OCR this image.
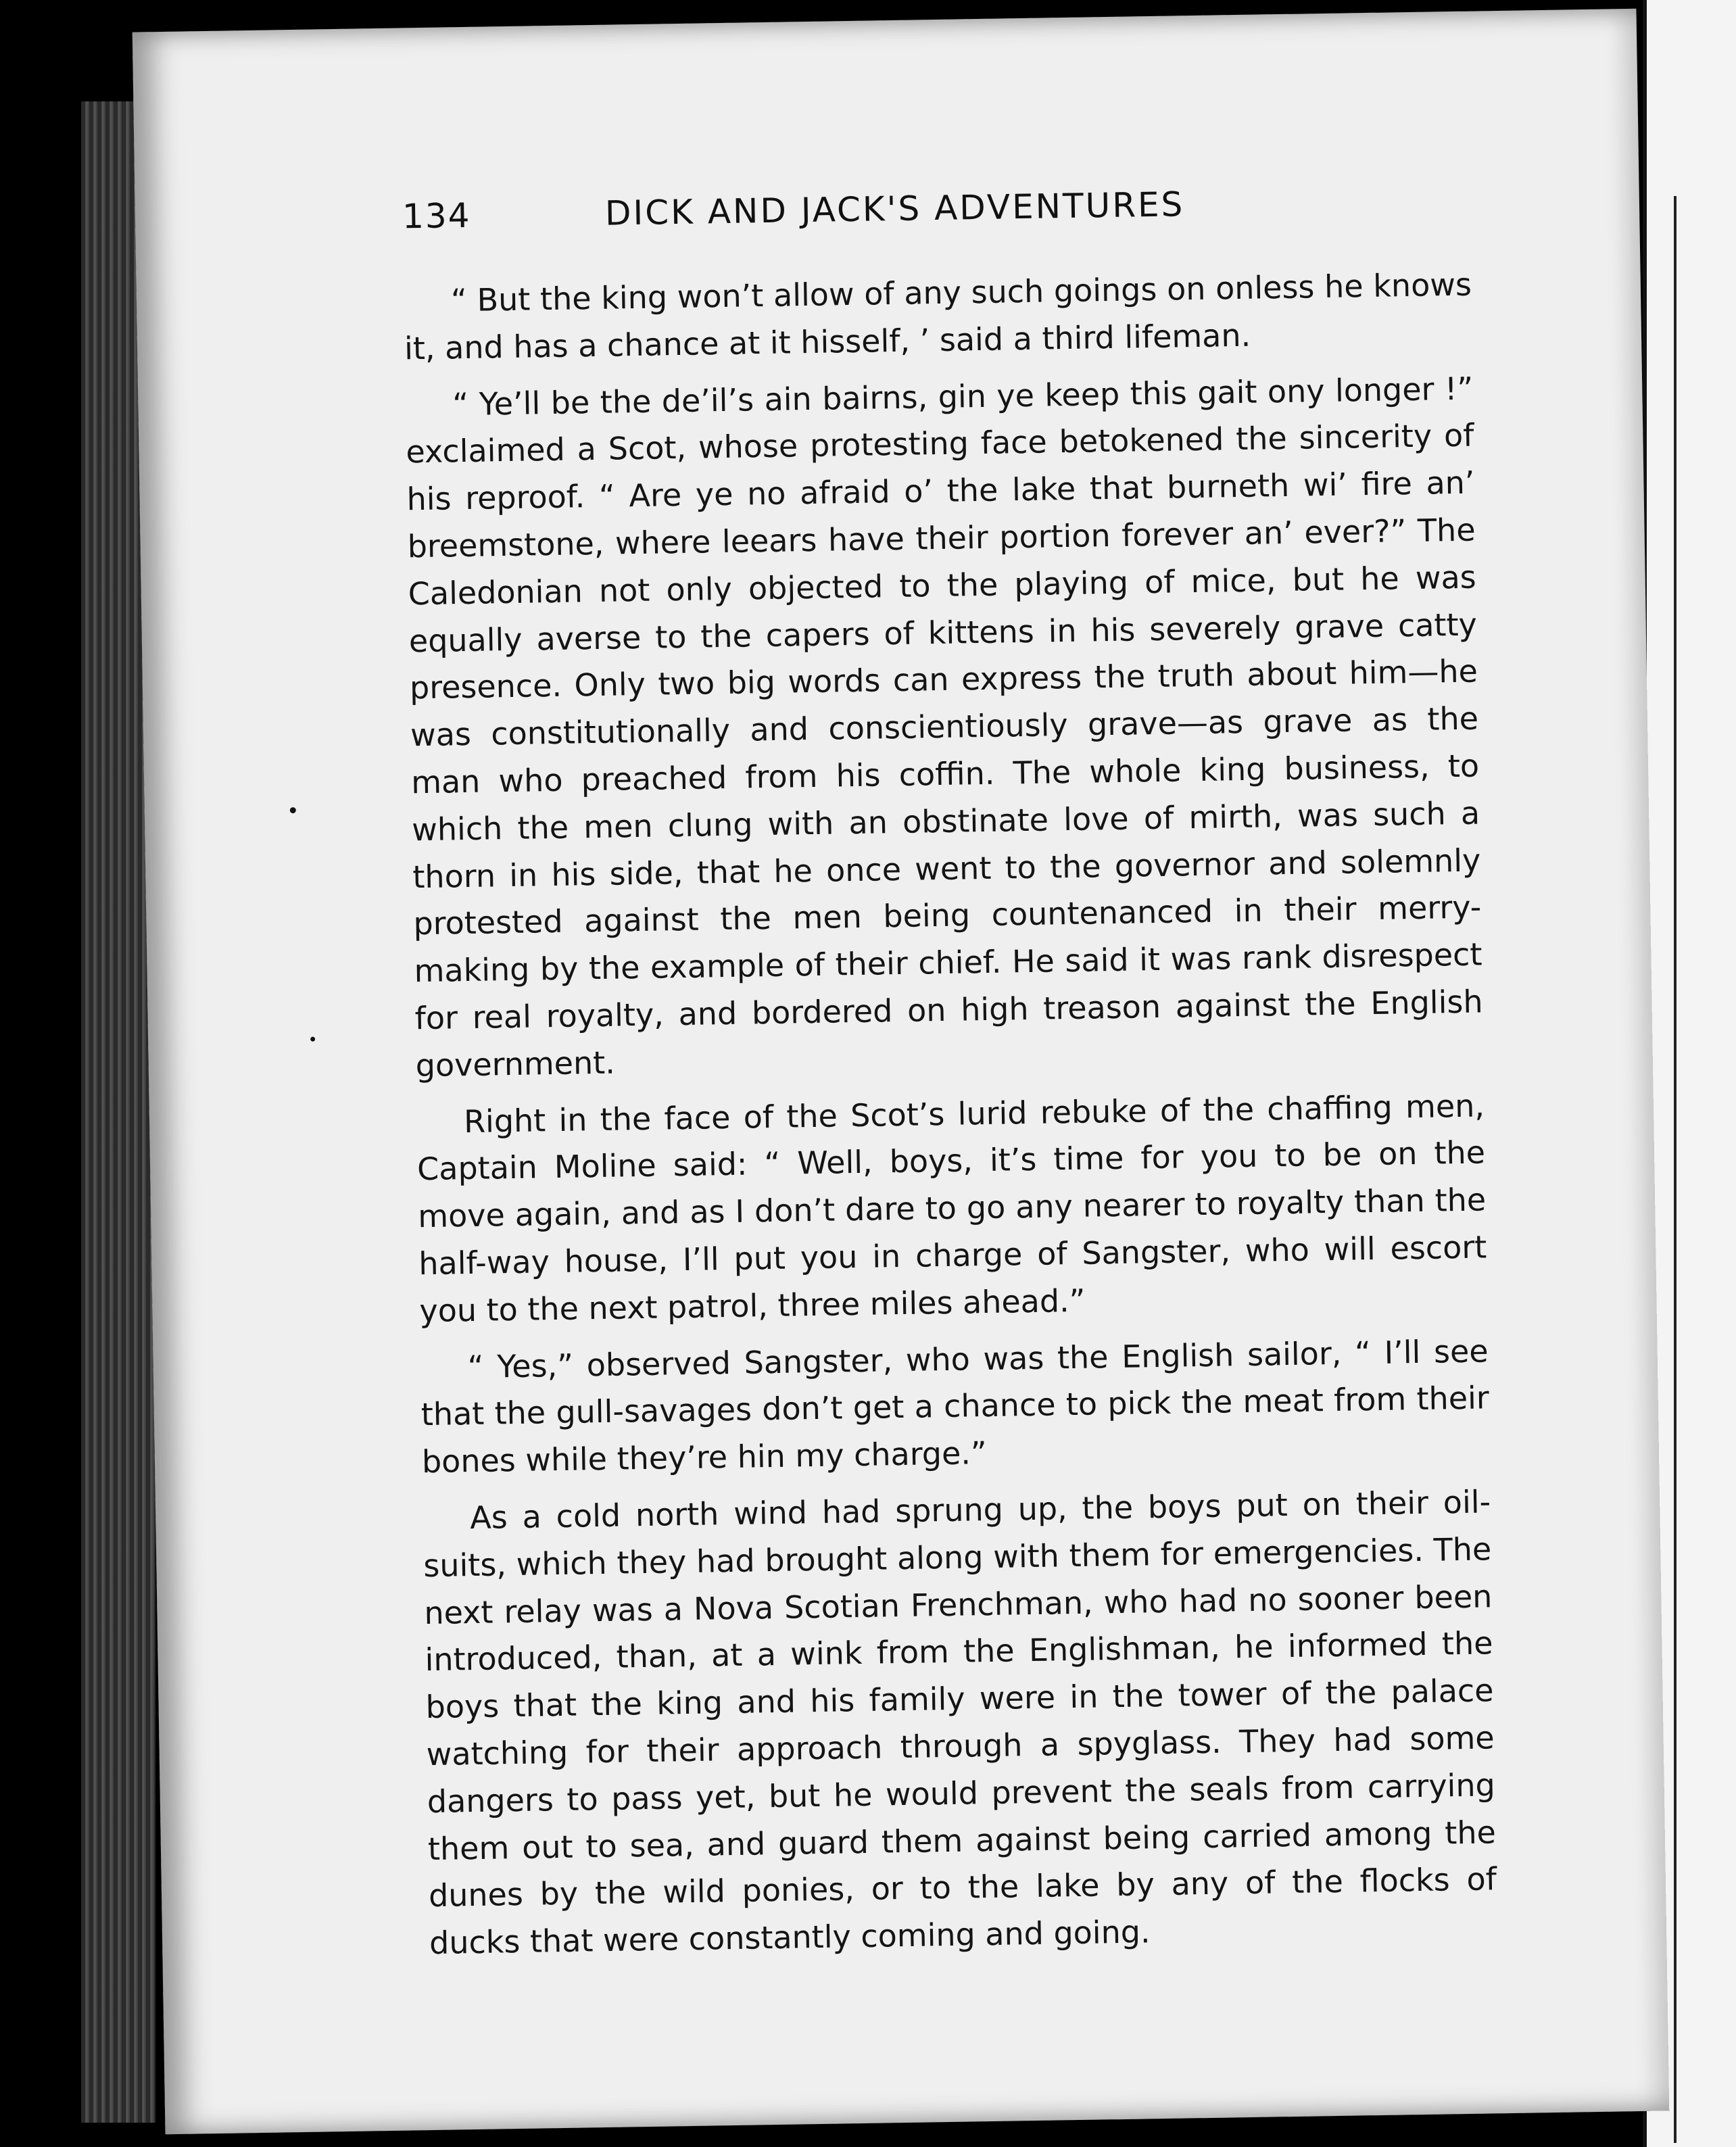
134	DICK AND JACK'S ADVENTURES

“ But the king won’t allow of any such goings on onless he knows it, and has a chance at it hisself, ’ said a third lifeman.

“ Ye’ll be the de’il’s ain bairns, gin ye keep this gait ony longer !” exclaimed a Scot, whose protesting face betokened the sincerity of his reproof. “ Are ye no afraid o’ the lake that burneth wi’ fire an’ breemstone, where leears have their portion forever an’ ever?” The Caledonian not only objected to the playing of mice, but he was equally averse to the capers of kittens in his severely grave catty presence. Only two big words can express the truth about him—he was constitutionally and conscientiously grave—as grave as the man who preached from his coffin. The whole king business, to which the men clung with an obstinate love of mirth, was such a thorn in his side, that he once went to the governor and solemnly protested against the men being countenanced in their merry-making by the example of their chief. He said it was rank disrespect for real royalty, and bordered on high treason against the English government.

Right in the face of the Scot’s lurid rebuke of the chaffing men, Captain Moline said: “ Well, boys, it’s time for you to be on the move again, and as I don’t dare to go any nearer to royalty than the half-way house, I’ll put you in charge of Sangster, who will escort you to the next patrol, three miles ahead.”

“ Yes,” observed Sangster, who was the English sailor, “ I’ll see that the gull-savages don’t get a chance to pick the meat from their bones while they’re hin my charge.”

As a cold north wind had sprung up, the boys put on their oil-suits, which they had brought along with them for emergencies. The next relay was a Nova Scotian Frenchman, who had no sooner been introduced, than, at a wink from the Englishman, he informed the boys that the king and his family were in the tower of the palace watching for their approach through a spyglass. They had some dangers to pass yet, but he would prevent the seals from carrying them out to sea, and guard them against being carried among the dunes by the wild ponies, or to the lake by any of the flocks of ducks that were constantly coming and going.
